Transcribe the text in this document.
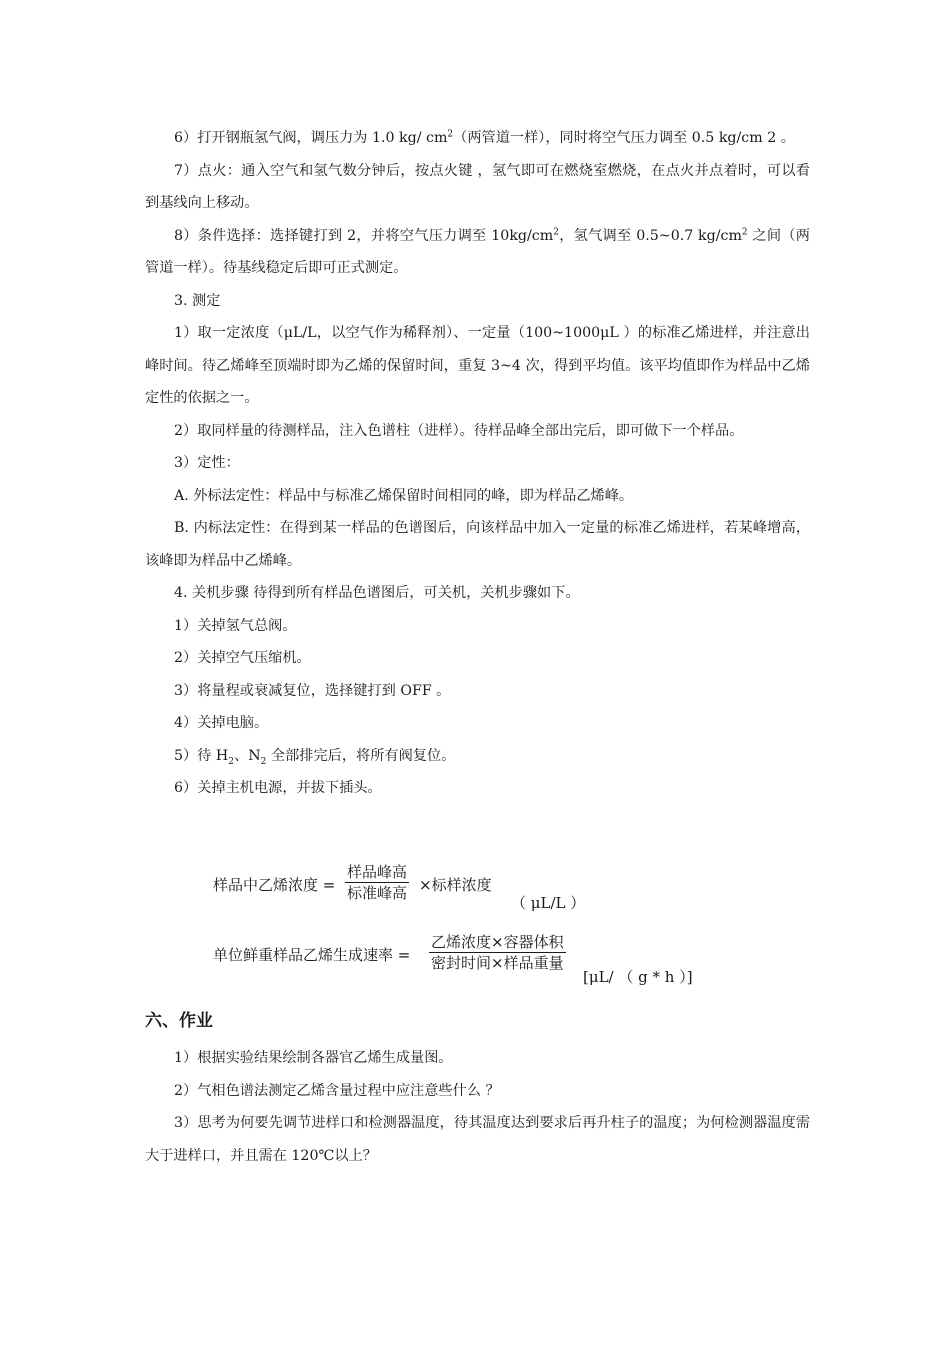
6）打开钢瓶氢气阀，调压力为 1.0 kg/ $cm^2$（两管道一样），同时将空气压力调至 0.5 kg/cm 2 。

7）点火：通入空气和氢气数分钟后，按点火键 ，氢气即可在燃烧室燃烧，在点火并点着时，可以看到基线向上移动。

8）条件选择：选择键打到 2，并将空气压力调至 $10kg/cm^2$，氢气调至 0.5~0.7 $kg/cm^2$ 之间（两管道一样）。待基线稳定后即可正式测定。

3. 测定

1）取一定浓度（μL/L，以空气作为稀释剂）、一定量（100~1000μL ）的标准乙烯进样，并注意出峰时间。待乙烯峰至顶端时即为乙烯的保留时间，重复 3~4 次，得到平均值。该平均值即作为样品中乙烯定性的依据之一。

2）取同样量的待测样品，注入色谱柱（进样）。待样品峰全部出完后，即可做下一个样品。

3）定性：

A. 外标法定性：样品中与标准乙烯保留时间相同的峰，即为样品乙烯峰。

B. 内标法定性：在得到某一样品的色谱图后，向该样品中加入一定量的标准乙烯进样，若某峰增高，该峰即为样品中乙烯峰。

4. 关机步骤 待得到所有样品色谱图后，可关机，关机步骤如下。

1）关掉氢气总阀。

2）关掉空气压缩机。

3）将量程或衰减复位，选择键打到 OFF 。

4）关掉电脑。

5）待 $H_2$、$N_2$ 全部排完后，将所有阀复位。

6）关掉主机电源，并拔下插头。

样品中乙烯浓度 =
样品峰高
标准峰高 ×标样浓度
（ μL/L ）
单位鲜重样品乙烯生成速率 =
乙烯浓度×容器体积
密封时间×样品重量
[μL/ （ g * h ）]
六、作业

1）根据实验结果绘制各器官乙烯生成量图。

2）气相色谱法测定乙烯含量过程中应注意些什么 ？

3）思考为何要先调节进样口和检测器温度，待其温度达到要求后再升柱子的温度；为何检测器温度需大于进样口，并且需在 120℃以上？
